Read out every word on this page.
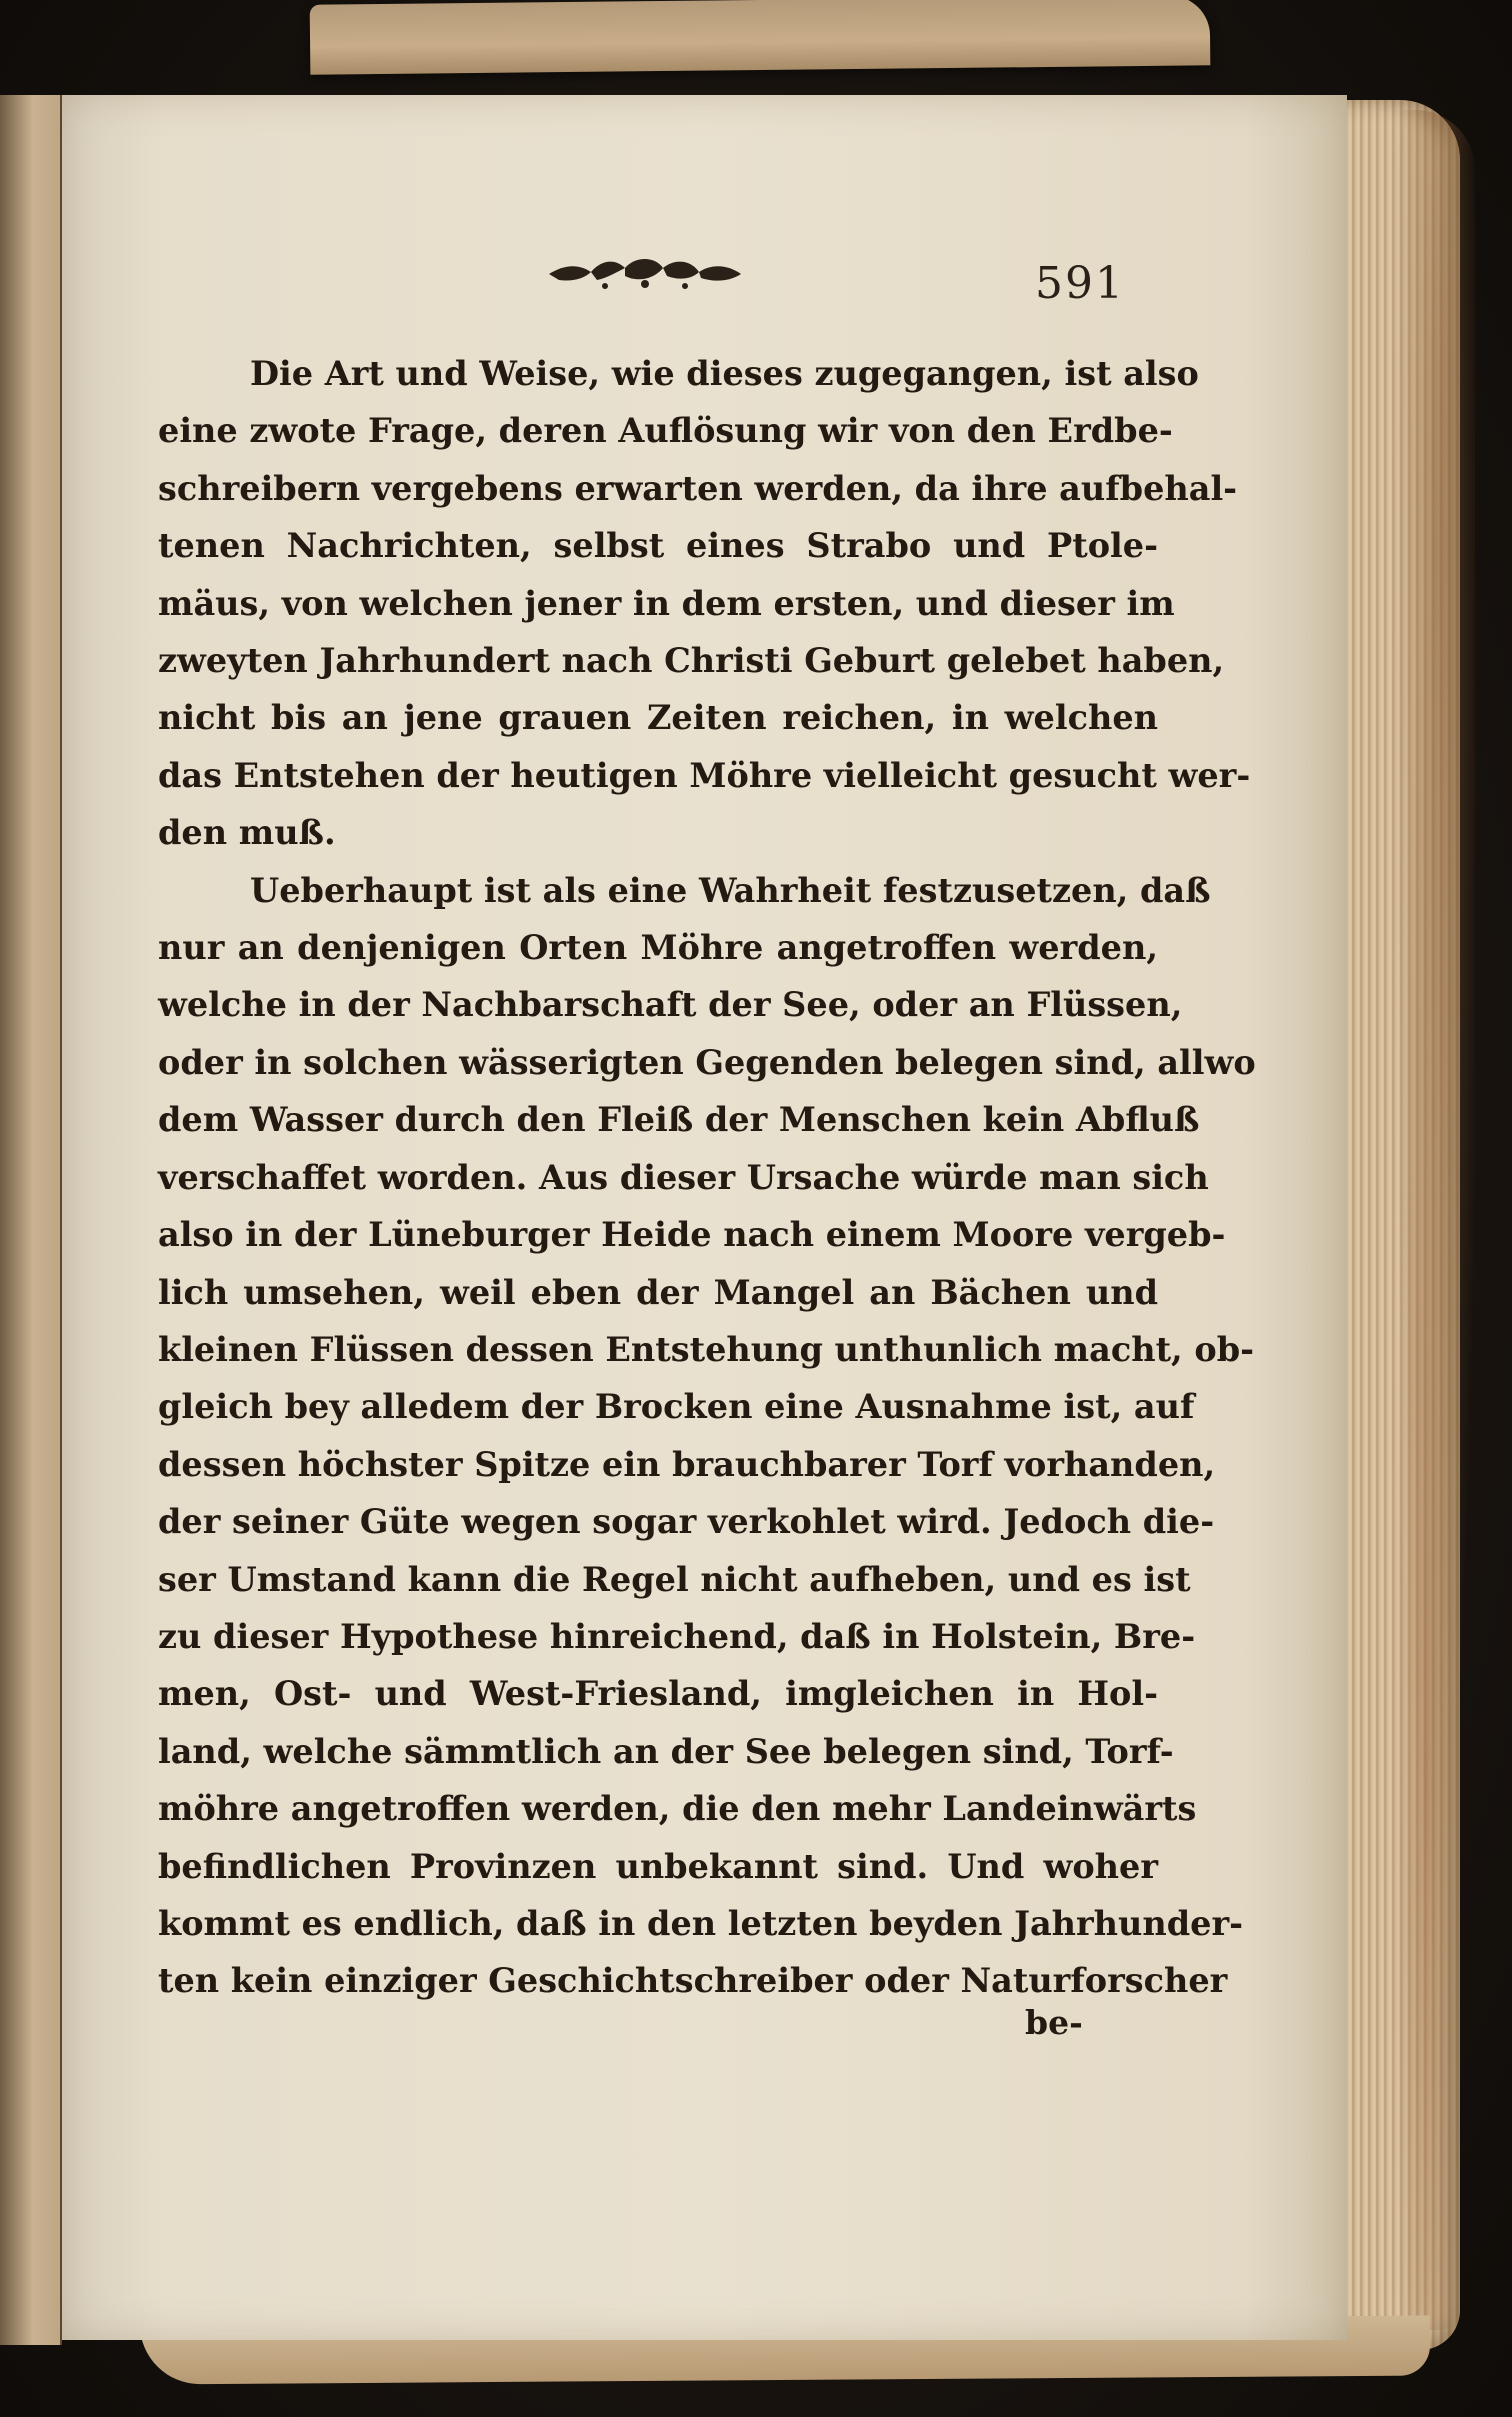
591
Die Art und Weise, wie dieses zugegangen, ist also
eine zwote Frage, deren Auflösung wir von den Erdbe-
schreibern vergebens erwarten werden, da ihre aufbehal-
tenen Nachrichten, selbst eines Strabo und Ptole-
mäus, von welchen jener in dem ersten, und dieser im
zweyten Jahrhundert nach Christi Geburt gelebet haben,
nicht bis an jene grauen Zeiten reichen, in welchen
das Entstehen der heutigen Möhre vielleicht gesucht wer-
den muß.
Ueberhaupt ist als eine Wahrheit festzusetzen, daß
nur an denjenigen Orten Möhre angetroffen werden,
welche in der Nachbarschaft der See, oder an Flüssen,
oder in solchen wässerigten Gegenden belegen sind, allwo
dem Wasser durch den Fleiß der Menschen kein Abfluß
verschaffet worden. Aus dieser Ursache würde man sich
also in der Lüneburger Heide nach einem Moore vergeb-
lich umsehen, weil eben der Mangel an Bächen und
kleinen Flüssen dessen Entstehung unthunlich macht, ob-
gleich bey alledem der Brocken eine Ausnahme ist, auf
dessen höchster Spitze ein brauchbarer Torf vorhanden,
der seiner Güte wegen sogar verkohlet wird. Jedoch die-
ser Umstand kann die Regel nicht aufheben, und es ist
zu dieser Hypothese hinreichend, daß in Holstein, Bre-
men, Ost- und West-Friesland, imgleichen in Hol-
land, welche sämmtlich an der See belegen sind, Torf-
möhre angetroffen werden, die den mehr Landeinwärts
befindlichen Provinzen unbekannt sind. Und woher
kommt es endlich, daß in den letzten beyden Jahrhunder-
ten kein einziger Geschichtschreiber oder Naturforscher
be-
